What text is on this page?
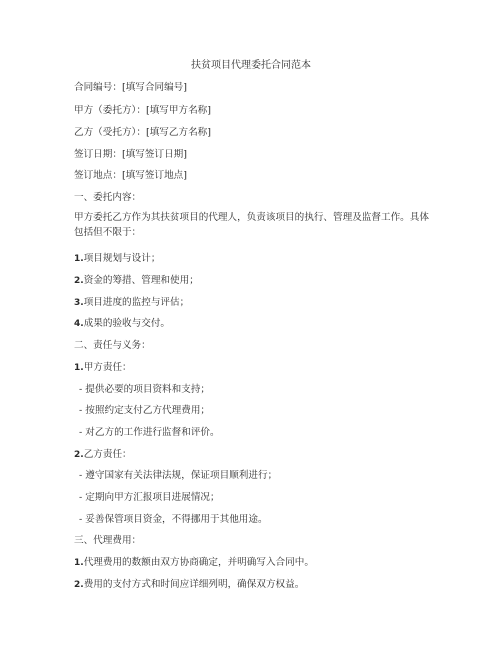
扶贫项目代理委托合同范本
合同编号：[填写合同编号]
甲方（委托方）：[填写甲方名称]
乙方（受托方）：[填写乙方名称]
签订日期：[填写签订日期]
签订地点：[填写签订地点]
一、委托内容：
甲方委托乙方作为其扶贫项目的代理人，负责该项目的执行、管理及监督工作。具体包括但不限于：
1.项目规划与设计；
2.资金的筹措、管理和使用；
3.项目进度的监控与评估；
4.成果的验收与交付。
二、责任与义务：
1.甲方责任：
- 提供必要的项目资料和支持；
- 按照约定支付乙方代理费用；
- 对乙方的工作进行监督和评价。
2.乙方责任：
- 遵守国家有关法律法规，保证项目顺利进行；
- 定期向甲方汇报项目进展情况；
- 妥善保管项目资金，不得挪用于其他用途。
三、代理费用：
1.代理费用的数额由双方协商确定，并明确写入合同中。
2.费用的支付方式和时间应详细列明，确保双方权益。
